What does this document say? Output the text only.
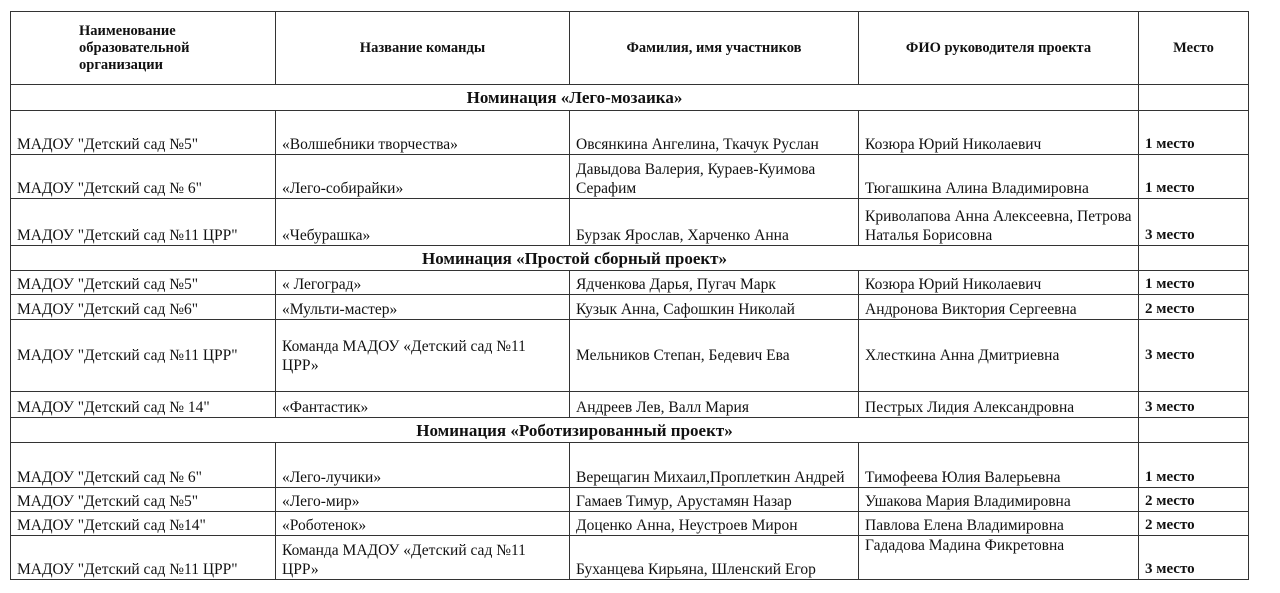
Наименование образовательной организации	Название команды	Фамилия, имя участников	ФИО руководителя проекта	Место
Номинация «Лего-мозаика»				
МАДОУ "Детский сад №5"	«Волшебники творчества»	Овсянкина Ангелина, Ткачук Руслан	Козюра Юрий Николаевич	1 место
МАДОУ "Детский сад № 6"	«Лего-собирайки»	Давыдова Валерия, Кураев-Куимова Серафим	Тюгашкина Алина Владимировна	1 место
МАДОУ "Детский сад №11 ЦРР"	«Чебурашка»	Бурзак Ярослав, Харченко Анна	Криволапова Анна Алексеевна, Петрова Наталья Борисовна	3 место
Номинация «Простой сборный проект»				
МАДОУ "Детский сад №5"	« Легоград»	Ядченкова Дарья, Пугач Марк	Козюра Юрий Николаевич	1 место
МАДОУ "Детский сад №6"	«Мульти-мастер»	Кузык Анна, Сафошкин Николай	Андронова Виктория Сергеевна	2 место
МАДОУ "Детский сад №11 ЦРР"	Команда МАДОУ «Детский сад №11 ЦРР»	Мельников Степан, Бедевич Ева	Хлесткина Анна Дмитриевна	3 место
МАДОУ "Детский сад № 14"	«Фантастик»	Андреев Лев, Валл Мария	Пестрых Лидия Александровна	3 место
Номинация «Роботизированный проект»				
МАДОУ "Детский сад № 6"	«Лего-лучики»	Верещагин Михаил,Проплеткин Андрей	Тимофеева Юлия Валерьевна	1 место
МАДОУ "Детский сад №5"	«Лего-мир»	Гамаев Тимур, Арустамян Назар	Ушакова Мария Владимировна	2 место
МАДОУ "Детский сад №14"	«Роботенок»	Доценко Анна, Неустроев Мирон	Павлова Елена Владимировна	2 место
МАДОУ "Детский сад №11 ЦРР"	Команда МАДОУ «Детский сад №11 ЦРР»	Буханцева Кирьяна, Шленский Егор	Гададова Мадина Фикретовна	3 место
